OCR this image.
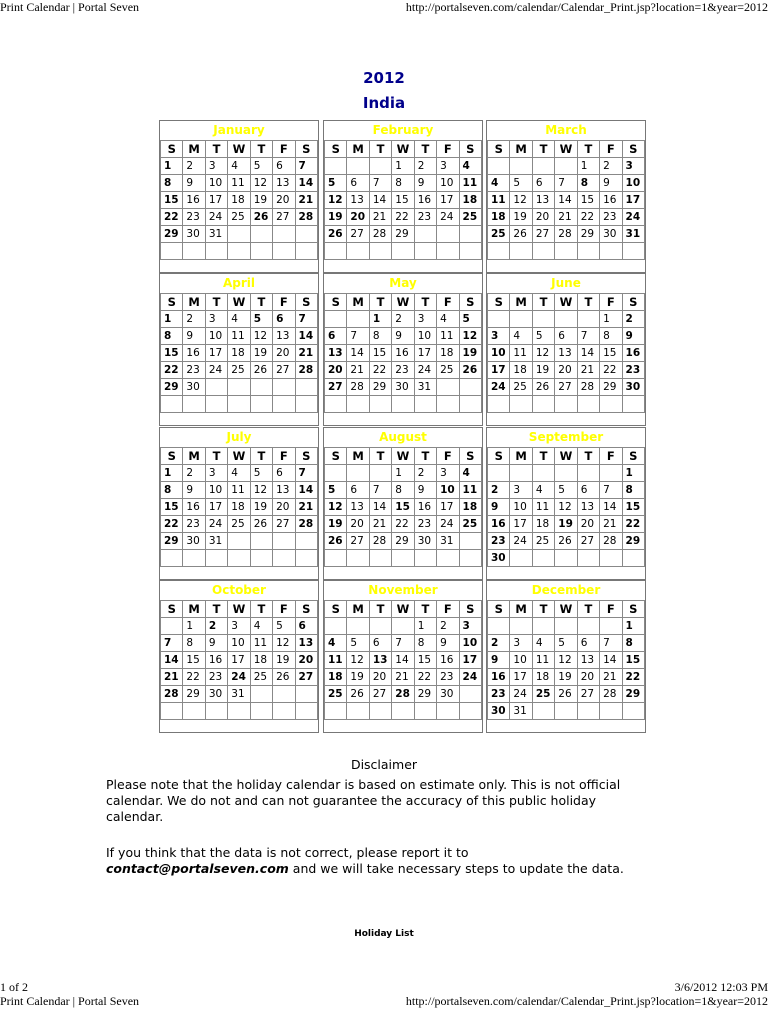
Print Calendar | Portal Seven	http://portalseven.com/calendar/Calendar_Print.jsp?location=1&year=2012
2012
India
January
S	M	T	W	T	F	S
1	2	3	4	5	6	7
8	9	10	11	12	13	14
15	16	17	18	19	20	21
22	23	24	25	26	27	28
29	30	31				

February
S	M	T	W	T	F	S
			1	2	3	4
5	6	7	8	9	10	11
12	13	14	15	16	17	18
19	20	21	22	23	24	25
26	27	28	29			

March
S	M	T	W	T	F	S
				1	2	3
4	5	6	7	8	9	10
11	12	13	14	15	16	17
18	19	20	21	22	23	24
25	26	27	28	29	30	31

April
S	M	T	W	T	F	S
1	2	3	4	5	6	7
8	9	10	11	12	13	14
15	16	17	18	19	20	21
22	23	24	25	26	27	28
29	30					

May
S	M	T	W	T	F	S
		1	2	3	4	5
6	7	8	9	10	11	12
13	14	15	16	17	18	19
20	21	22	23	24	25	26
27	28	29	30	31		

June
S	M	T	W	T	F	S
					1	2
3	4	5	6	7	8	9
10	11	12	13	14	15	16
17	18	19	20	21	22	23
24	25	26	27	28	29	30

July
S	M	T	W	T	F	S
1	2	3	4	5	6	7
8	9	10	11	12	13	14
15	16	17	18	19	20	21
22	23	24	25	26	27	28
29	30	31				

August
S	M	T	W	T	F	S
			1	2	3	4
5	6	7	8	9	10	11
12	13	14	15	16	17	18
19	20	21	22	23	24	25
26	27	28	29	30	31	

September
S	M	T	W	T	F	S
						1
2	3	4	5	6	7	8
9	10	11	12	13	14	15
16	17	18	19	20	21	22
23	24	25	26	27	28	29
30						
October
S	M	T	W	T	F	S
	1	2	3	4	5	6
7	8	9	10	11	12	13
14	15	16	17	18	19	20
21	22	23	24	25	26	27
28	29	30	31			

November
S	M	T	W	T	F	S
				1	2	3
4	5	6	7	8	9	10
11	12	13	14	15	16	17
18	19	20	21	22	23	24
25	26	27	28	29	30	

December
S	M	T	W	T	F	S
						1
2	3	4	5	6	7	8
9	10	11	12	13	14	15
16	17	18	19	20	21	22
23	24	25	26	27	28	29
30	31					
Disclaimer
Please note that the holiday calendar is based on estimate only. This is not official
calendar. We do not and can not guarantee the accuracy of this public holiday
calendar.
If you think that the data is not correct, please report it to
contact@portalseven.com and we will take necessary steps to update the data.
Holiday List
1 of 2	3/6/2012 12:03 PM
Print Calendar | Portal Seven	http://portalseven.com/calendar/Calendar_Print.jsp?location=1&year=2012
